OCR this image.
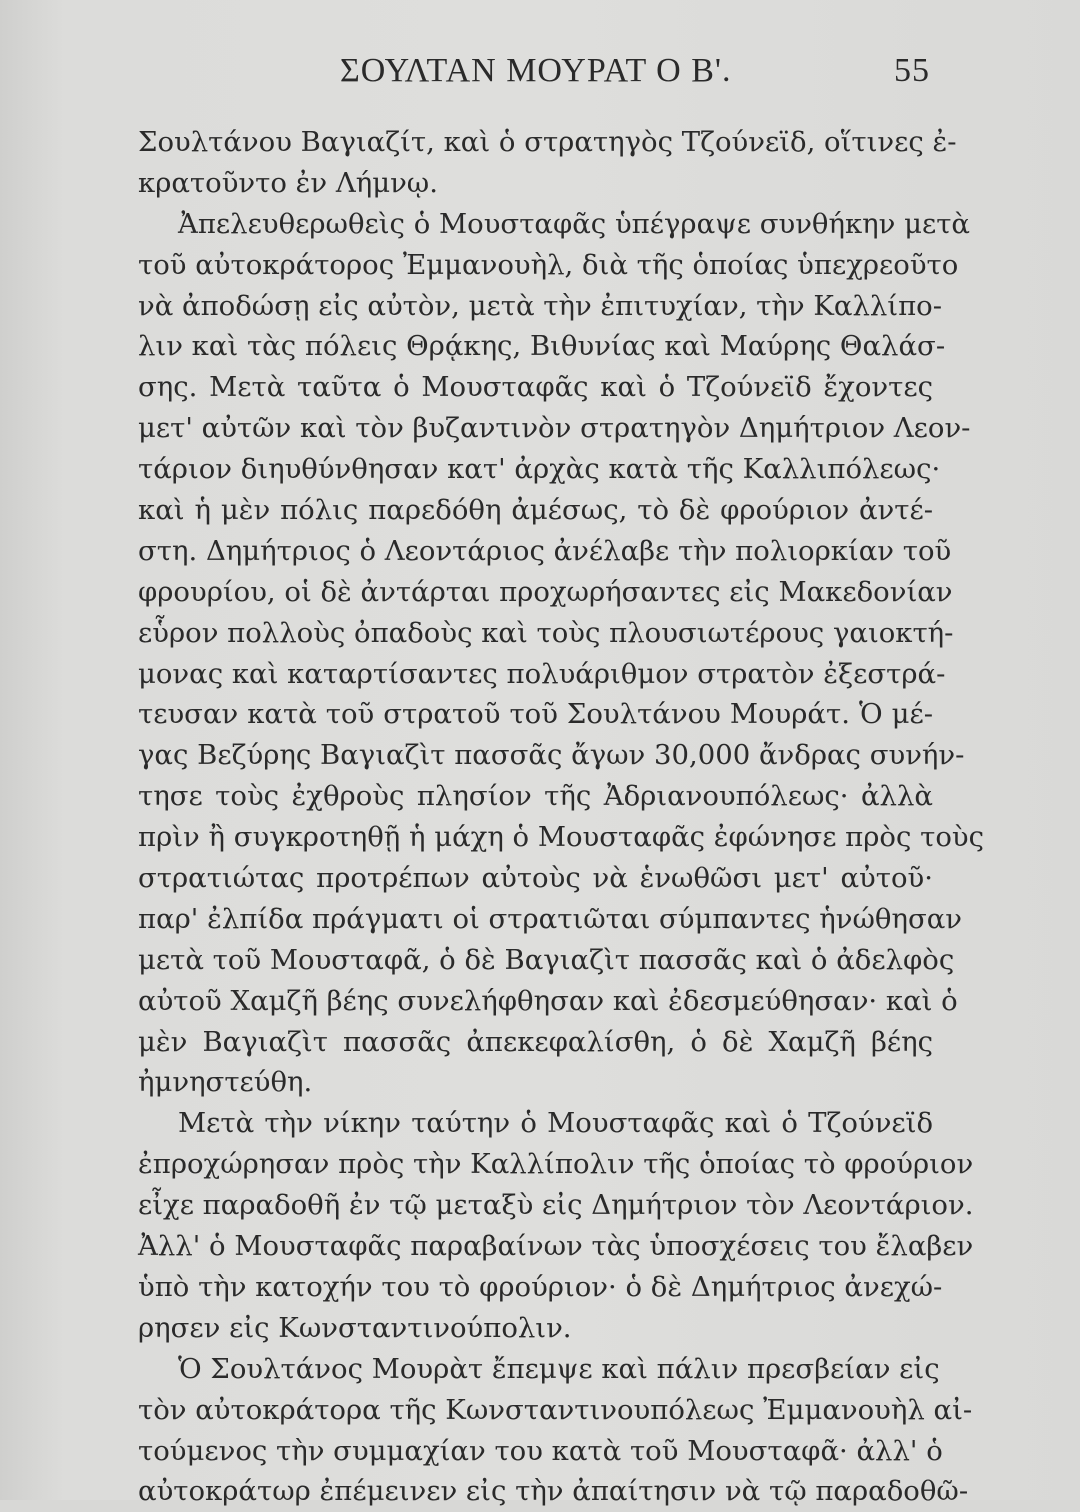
ΣΟΥΛΤΑΝ ΜΟΥΡΑΤ Ο Β'.	55
Σουλτάνου Βαγιαζίτ, καὶ ὁ στρατηγὸς Τζούνεϊδ, οἵτινες ἐ-
κρατοῦντο ἐν Λήμνῳ.
Ἀπελευθερωθεὶς ὁ Μουσταφᾶς ὑπέγραψε συνθήκην μετὰ
τοῦ αὐτοκράτορος Ἐμμανουὴλ, διὰ τῆς ὁποίας ὑπεχρεοῦτο
νὰ ἀποδώσῃ εἰς αὐτὸν, μετὰ τὴν ἐπιτυχίαν, τὴν Καλλίπο-
λιν καὶ τὰς πόλεις Θρᾴκης, Βιθυνίας καὶ Μαύρης Θαλάσ-
σης. Μετὰ ταῦτα ὁ Μουσταφᾶς καὶ ὁ Τζούνεϊδ ἔχοντες
μετ' αὐτῶν καὶ τὸν βυζαντινὸν στρατηγὸν Δημήτριον Λεον-
τάριον διηυθύνθησαν κατ' ἀρχὰς κατὰ τῆς Καλλιπόλεως·
καὶ ἡ μὲν πόλις παρεδόθη ἀμέσως, τὸ δὲ φρούριον ἀντέ-
στη. Δημήτριος ὁ Λεοντάριος ἀνέλαβε τὴν πολιορκίαν τοῦ
φρουρίου, οἱ δὲ ἀντάρται προχωρήσαντες εἰς Μακεδονίαν
εὗρον πολλοὺς ὀπαδοὺς καὶ τοὺς πλουσιωτέρους γαιοκτή-
μονας καὶ καταρτίσαντες πολυάριθμον στρατὸν ἐξεστρά-
τευσαν κατὰ τοῦ στρατοῦ τοῦ Σουλτάνου Μουράτ. Ὁ μέ-
γας Βεζύρης Βαγιαζὶτ πασσᾶς ἄγων 30,000 ἄνδρας συνήν-
τησε τοὺς ἐχθροὺς πλησίον τῆς Ἀδριανουπόλεως· ἀλλὰ
πρὶν ἢ συγκροτηθῇ ἡ μάχη ὁ Μουσταφᾶς ἐφώνησε πρὸς τοὺς
στρατιώτας προτρέπων αὐτοὺς νὰ ἑνωθῶσι μετ' αὐτοῦ·
παρ' ἐλπίδα πράγματι οἱ στρατιῶται σύμπαντες ἡνώθησαν
μετὰ τοῦ Μουσταφᾶ, ὁ δὲ Βαγιαζὶτ πασσᾶς καὶ ὁ ἀδελφὸς
αὐτοῦ Χαμζῆ βέης συνελήφθησαν καὶ ἐδεσμεύθησαν· καὶ ὁ
μὲν Βαγιαζὶτ πασσᾶς ἀπεκεφαλίσθη, ὁ δὲ Χαμζῆ βέης
ἠμνηστεύθη.
Μετὰ τὴν νίκην ταύτην ὁ Μουσταφᾶς καὶ ὁ Τζούνεϊδ
ἐπροχώρησαν πρὸς τὴν Καλλίπολιν τῆς ὁποίας τὸ φρούριον
εἶχε παραδοθῆ ἐν τῷ μεταξὺ εἰς Δημήτριον τὸν Λεοντάριον.
Ἀλλ' ὁ Μουσταφᾶς παραβαίνων τὰς ὑποσχέσεις του ἔλαβεν
ὑπὸ τὴν κατοχήν του τὸ φρούριον· ὁ δὲ Δημήτριος ἀνεχώ-
ρησεν εἰς Κωνσταντινούπολιν.
Ὁ Σουλτάνος Μουρὰτ ἔπεμψε καὶ πάλιν πρεσβείαν εἰς
τὸν αὐτοκράτορα τῆς Κωνσταντινουπόλεως Ἐμμανουὴλ αἰ-
τούμενος τὴν συμμαχίαν του κατὰ τοῦ Μουσταφᾶ· ἀλλ' ὁ
αὐτοκράτωρ ἐπέμεινεν εἰς τὴν ἀπαίτησιν νὰ τῷ παραδοθῶ-
